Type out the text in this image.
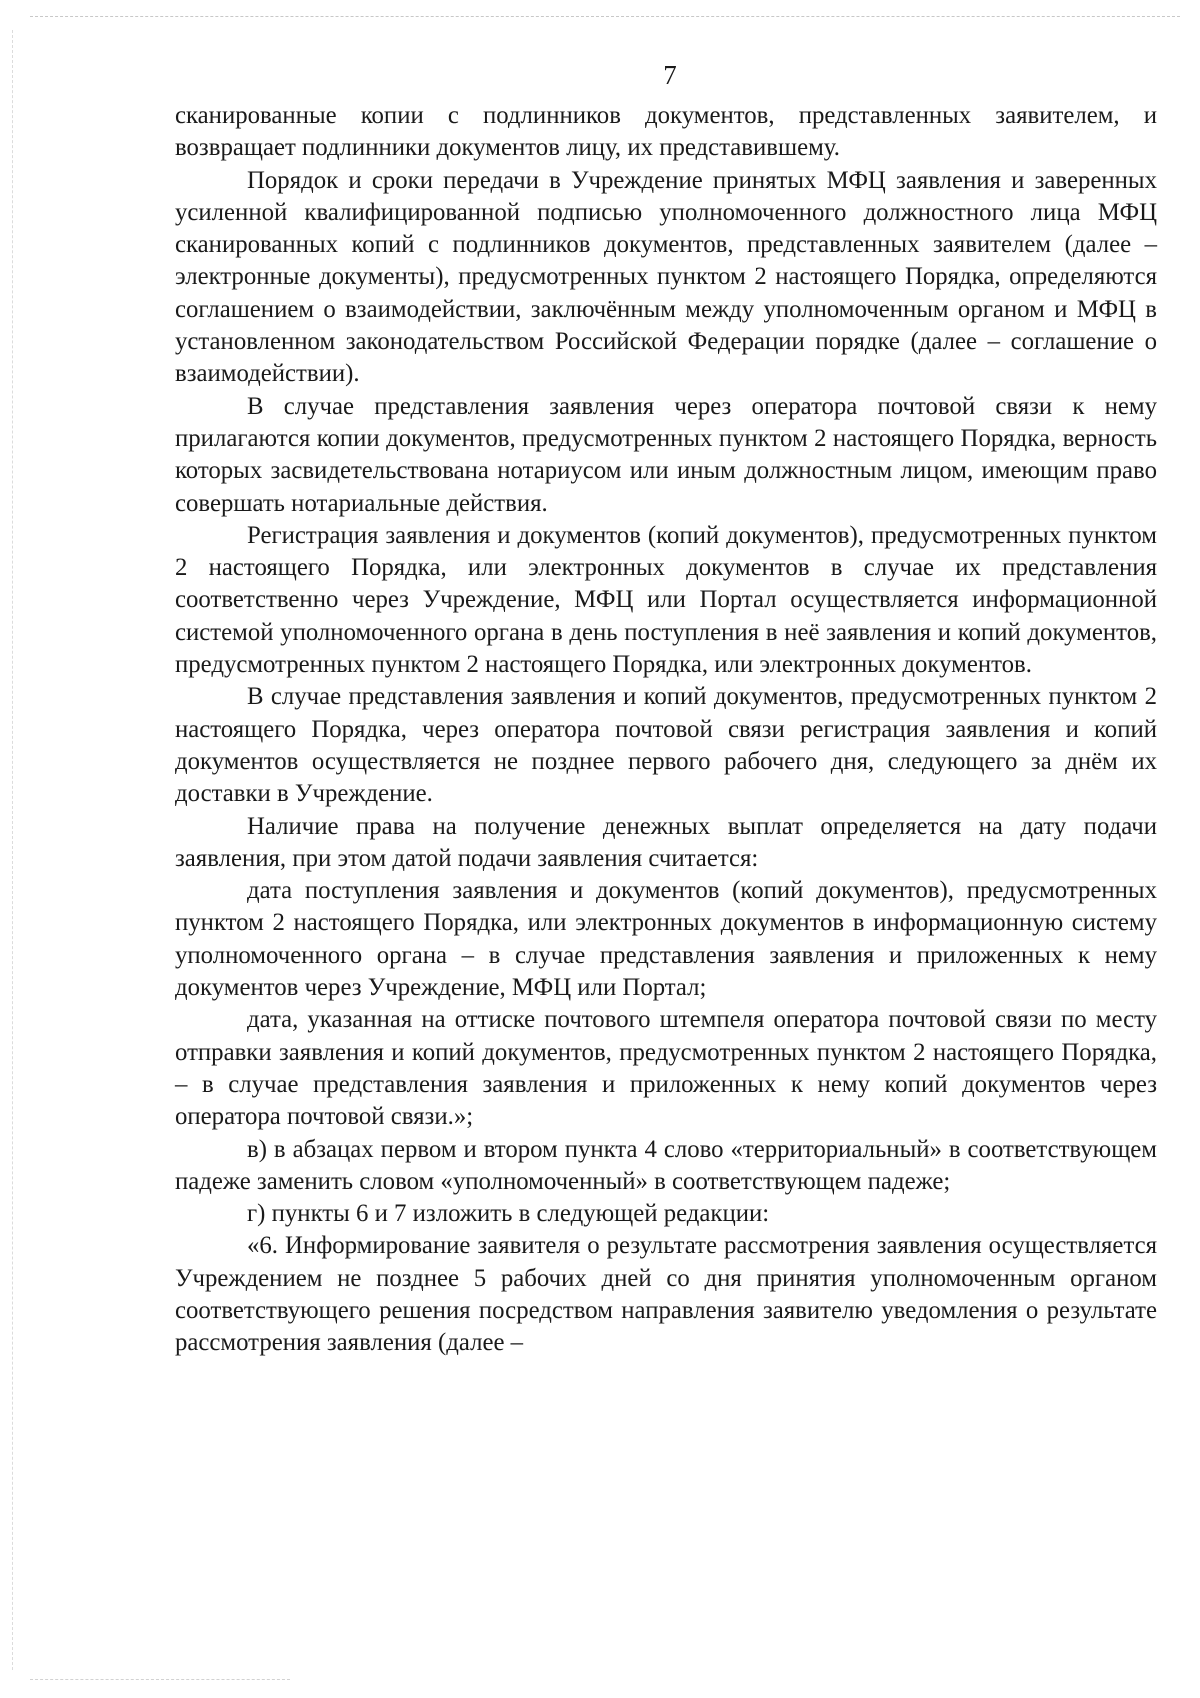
7

сканированные копии с подлинников документов, представленных заявителем, и возвращает подлинники документов лицу, их представившему.

Порядок и сроки передачи в Учреждение принятых МФЦ заявления и заверенных усиленной квалифицированной подписью уполномоченного должностного лица МФЦ сканированных копий с подлинников документов, представленных заявителем (далее – электронные документы), предусмотренных пунктом 2 настоящего Порядка, определяются соглашением о взаимодействии, заключённым между уполномоченным органом и МФЦ в установленном законодательством Российской Федерации порядке (далее – соглашение о взаимодействии).

В случае представления заявления через оператора почтовой связи к нему прилагаются копии документов, предусмотренных пунктом 2 настоящего Порядка, верность которых засвидетельствована нотариусом или иным должностным лицом, имеющим право совершать нотариальные действия.

Регистрация заявления и документов (копий документов), предусмотренных пунктом 2 настоящего Порядка, или электронных документов в случае их представления соответственно через Учреждение, МФЦ или Портал осуществляется информационной системой уполномоченного органа в день поступления в неё заявления и копий документов, предусмотренных пунктом 2 настоящего Порядка, или электронных документов.

В случае представления заявления и копий документов, предусмотренных пунктом 2 настоящего Порядка, через оператора почтовой связи регистрация заявления и копий документов осуществляется не позднее первого рабочего дня, следующего за днём их доставки в Учреждение.

Наличие права на получение денежных выплат определяется на дату подачи заявления, при этом датой подачи заявления считается:

дата поступления заявления и документов (копий документов), предусмотренных пунктом 2 настоящего Порядка, или электронных документов в информационную систему уполномоченного органа – в случае представления заявления и приложенных к нему документов через Учреждение, МФЦ или Портал;

дата, указанная на оттиске почтового штемпеля оператора почтовой связи по месту отправки заявления и копий документов, предусмотренных пунктом 2 настоящего Порядка, – в случае представления заявления и приложенных к нему копий документов через оператора почтовой связи.»;

в) в абзацах первом и втором пункта 4 слово «территориальный» в соответствующем падеже заменить словом «уполномоченный» в соответствующем падеже;

г) пункты 6 и 7 изложить в следующей редакции:

«6. Информирование заявителя о результате рассмотрения заявления осуществляется Учреждением не позднее 5 рабочих дней со дня принятия уполномоченным органом соответствующего решения посредством направления заявителю уведомления о результате рассмотрения заявления (далее –
